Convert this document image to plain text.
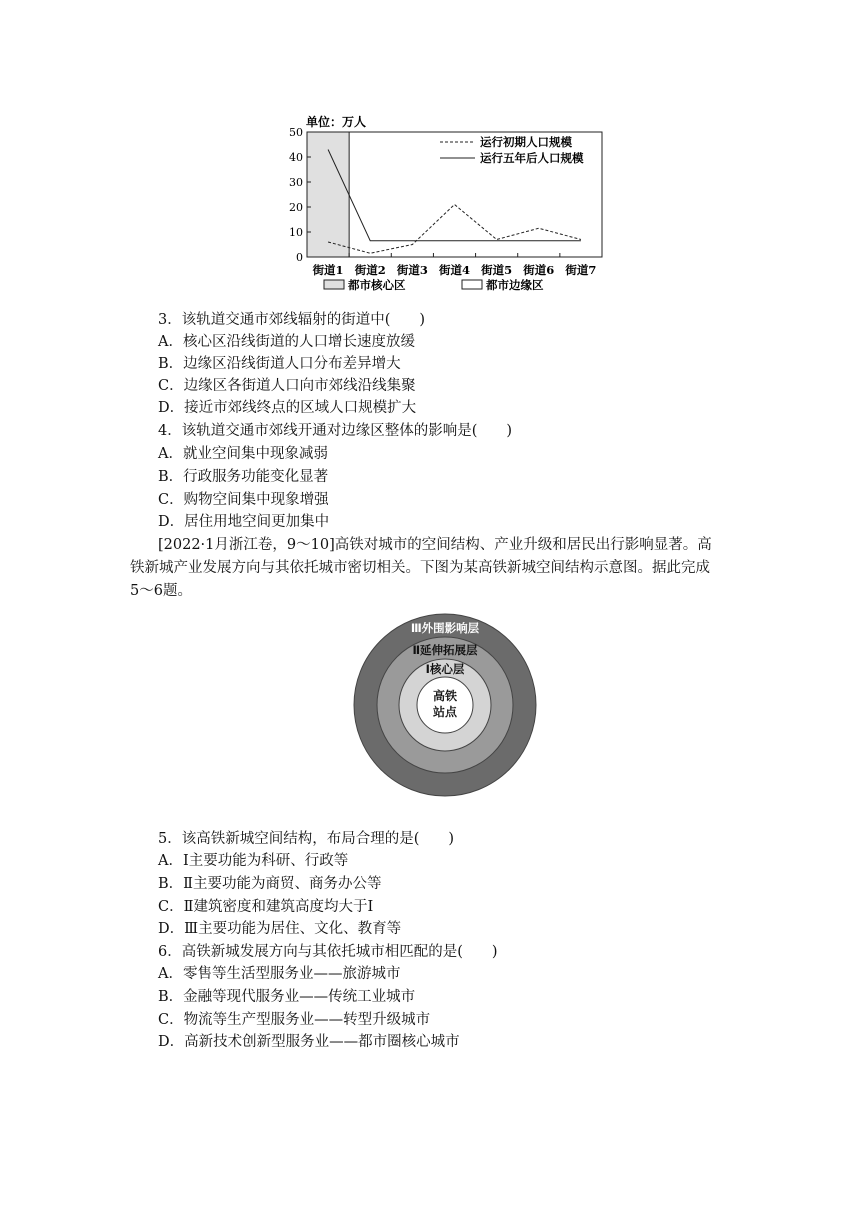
单位：万人
街道1 街道2 街道3 街道4 街道5 街道6 街道7
0
10
20
30
40
50
运行初期人口规模
运行五年后人口规模
都市核心区	都市边缘区
3．该轨道交通市郊线辐射的街道中(　　)
A．核心区沿线街道的人口增长速度放缓
B．边缘区沿线街道人口分布差异增大
C．边缘区各街道人口向市郊线沿线集聚
D．接近市郊线终点的区域人口规模扩大
4．该轨道交通市郊线开通对边缘区整体的影响是(　　)
A．就业空间集中现象减弱
B．行政服务功能变化显著
C．购物空间集中现象增强
D．居住用地空间更加集中
[2022·1月浙江卷，9～10]高铁对城市的空间结构、产业升级和居民出行影响显著。高
铁新城产业发展方向与其依托城市密切相关。下图为某高铁新城空间结构示意图。据此完成
5～6题。
Ⅲ外围影响层
Ⅱ延伸拓展层
Ⅰ核心层
高铁
站点
5．该高铁新城空间结构，布局合理的是(　　)
A．Ⅰ主要功能为科研、行政等
B．Ⅱ主要功能为商贸、商务办公等
C．Ⅱ建筑密度和建筑高度均大于Ⅰ
D．Ⅲ主要功能为居住、文化、教育等
6．高铁新城发展方向与其依托城市相匹配的是(　　)
A．零售等生活型服务业——旅游城市
B．金融等现代服务业——传统工业城市
C．物流等生产型服务业——转型升级城市
D．高新技术创新型服务业——都市圈核心城市
